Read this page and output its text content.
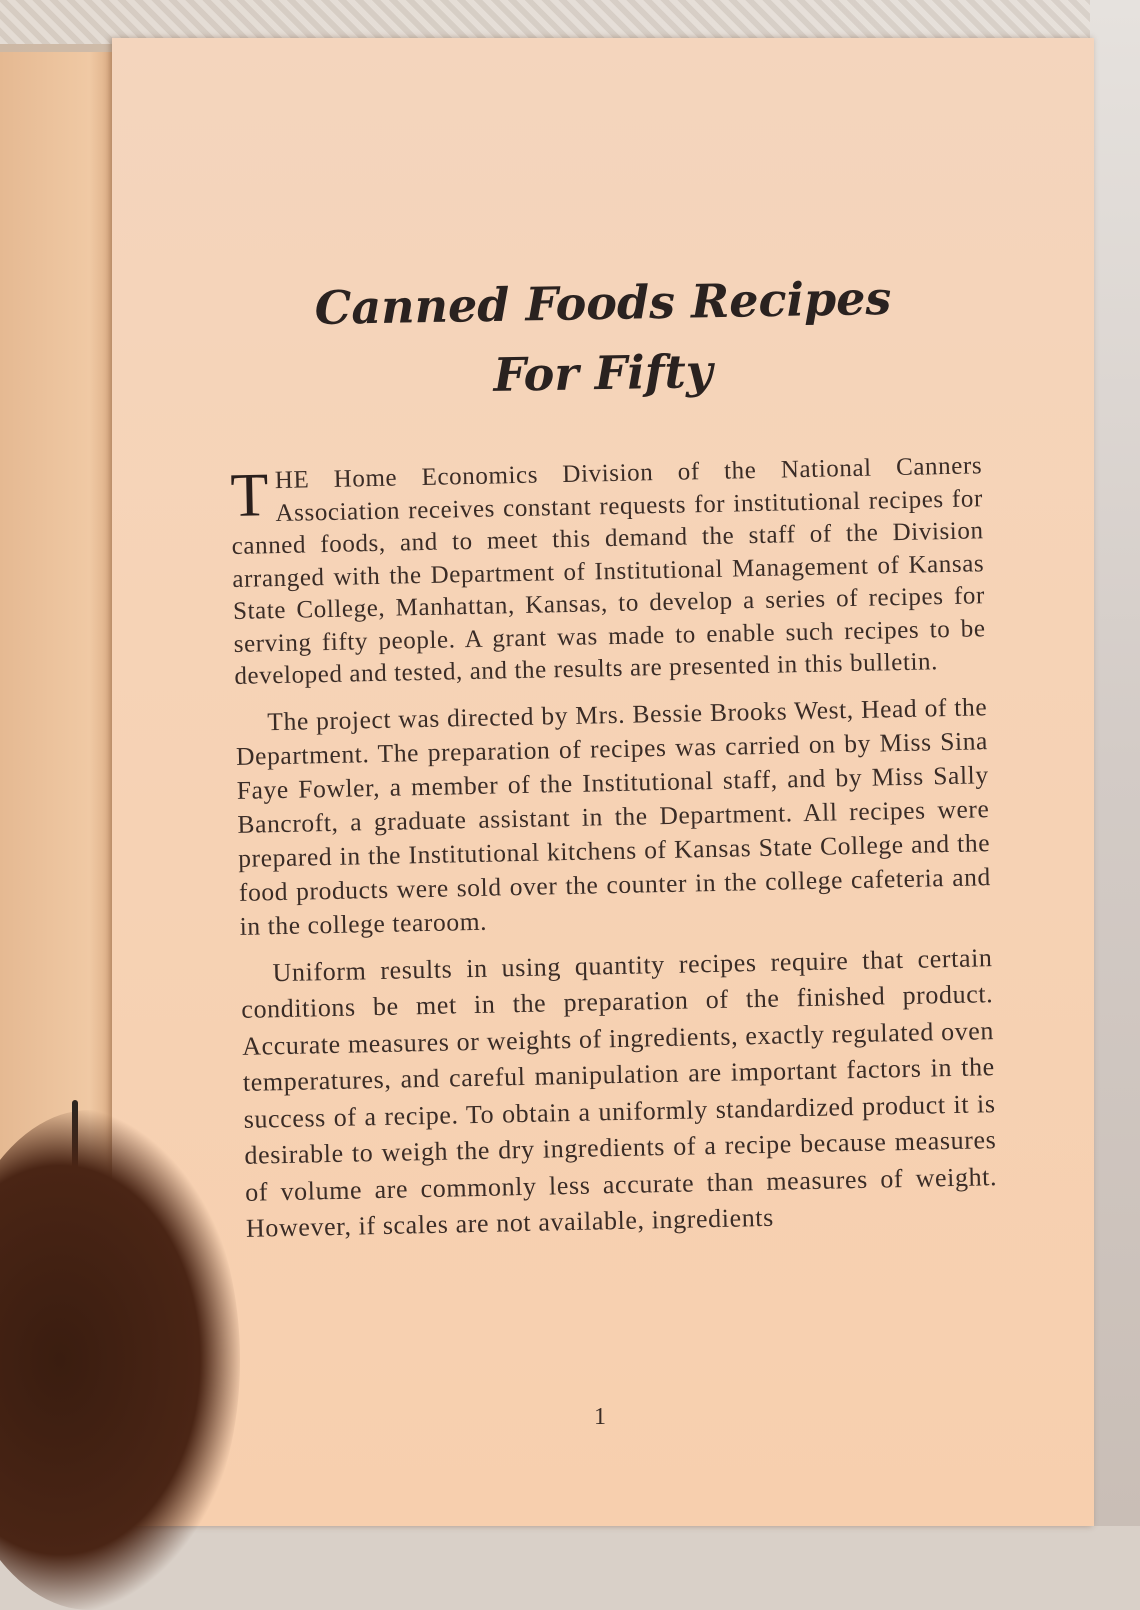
Canned Foods Recipes
For Fifty

THE Home Economics Division of the National Canners Association receives constant requests for institutional recipes for canned foods, and to meet this demand the staff of the Division arranged with the Department of Institutional Management of Kansas State College, Manhattan, Kansas, to develop a series of recipes for serving fifty people. A grant was made to enable such recipes to be developed and tested, and the results are presented in this bulletin.

The project was directed by Mrs. Bessie Brooks West, Head of the Department. The preparation of recipes was carried on by Miss Sina Faye Fowler, a member of the Institutional staff, and by Miss Sally Bancroft, a graduate assistant in the Department. All recipes were prepared in the Institutional kitchens of Kansas State College and the food products were sold over the counter in the college cafeteria and in the college tearoom.

Uniform results in using quantity recipes require that certain conditions be met in the preparation of the finished product. Accurate measures or weights of ingredients, exactly regulated oven temperatures, and careful manipulation are important factors in the success of a recipe. To obtain a uniformly standardized product it is desirable to weigh the dry ingredients of a recipe because measures of volume are commonly less accurate than measures of weight. However, if scales are not available, ingredients

1
